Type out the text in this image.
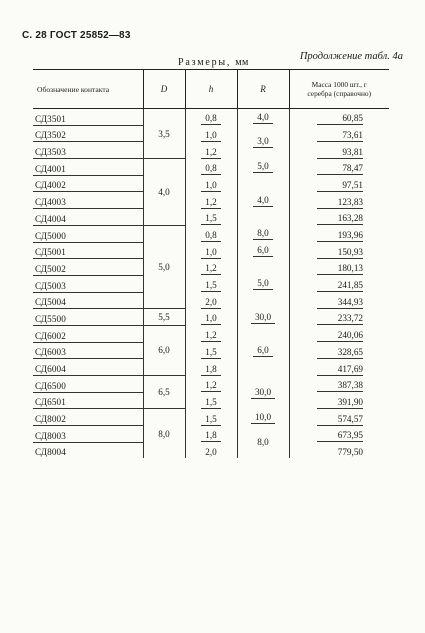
С. 28 ГОСТ 25852—83
Продолжение табл. 4а
Размеры, мм
Обозначение контакта	D	h	R	Масса 1000 шт., г
серебра (справочно)

СД3501	3,5	0,8	4,0	60,85
СД3502		1,0	3,0	73,61
СД3503		1,2		93,81
СД4001	4,0	0,8	5,0	78,47
СД4002		1,0	4,0	97,51
СД4003		1,2		123,83
СД4004		1,5		163,28
СД5000	5,0	0,8	8,0	193,96
СД5001		1,0	6,0	150,93
СД5002		1,2	5,0	180,13
СД5003		1,5		241,85
СД5004		2,0		344,93
СД5500	5,5	1,0	30,0	233,72
СД6002	6,0	1,2	6,0	240,06
СД6003		1,5		328,65
СД6004		1,8		417,69
СД6500	6,5	1,2	30,0	387,38
СД6501		1,5		391,90
СД8002	8,0	1,5	10,0	574,57
СД8003		1,8	8,0	673,95
СД8004		2,0		779,50
